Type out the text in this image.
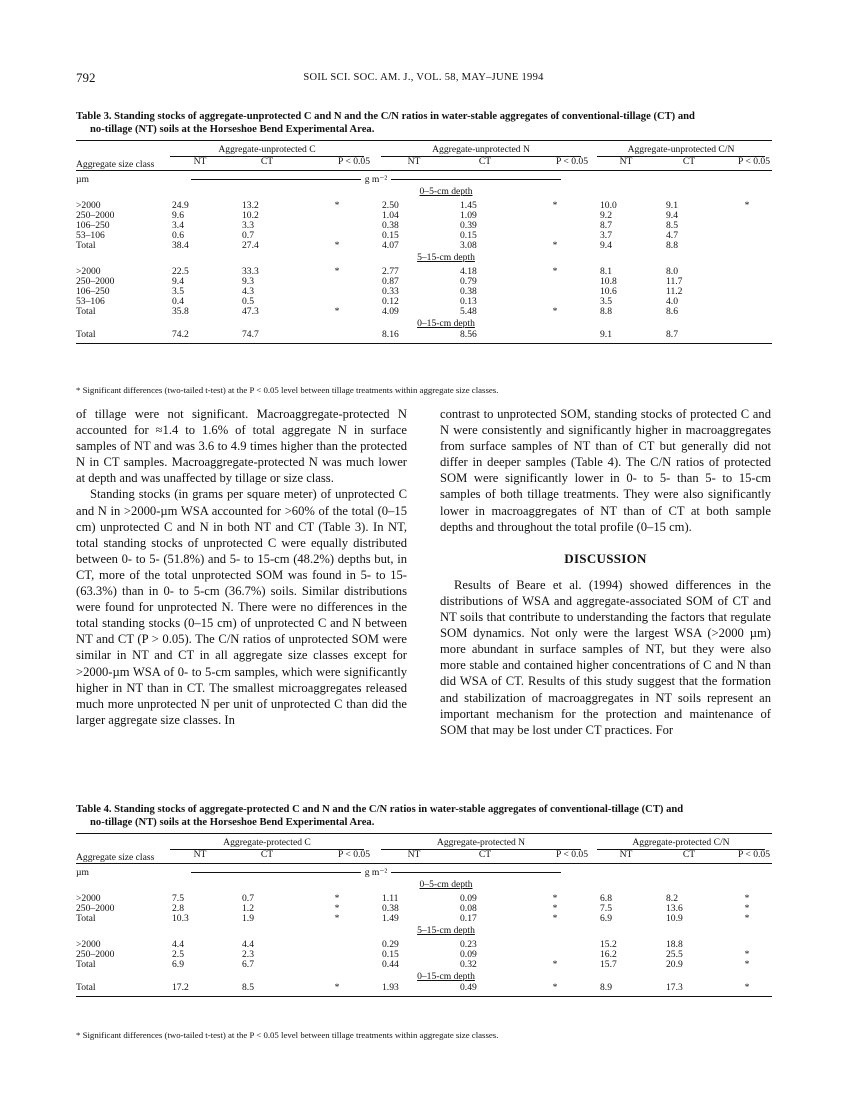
792	SOIL SCI. SOC. AM. J., VOL. 58, MAY–JUNE 1994
Table 3. Standing stocks of aggregate-unprotected C and N and the C/N ratios in water-stable aggregates of conventional-tillage (CT) and
no-tillage (NT) soils at the Horseshoe Bend Experimental Area.
Aggregate size class	Aggregate-unprotected C			Aggregate-unprotected N			Aggregate-unprotected C/N		
	NT	CT	P < 0.05	NT	CT	P < 0.05	NT	CT	P < 0.05
µm	g m⁻²								
				0–5-cm depth					
>2000	24.9	13.2	*	2.50	1.45	*	10.0	9.1	*
250–2000	9.6	10.2		1.04	1.09		9.2	9.4	
106–250	3.4	3.3		0.38	0.39		8.7	8.5	
53–106	0.6	0.7		0.15	0.15		3.7	4.7	
Total	38.4	27.4	*	4.07	3.08	*	9.4	8.8	
				5–15-cm depth					
>2000	22.5	33.3	*	2.77	4.18	*	8.1	8.0	
250–2000	9.4	9.3		0.87	0.79		10.8	11.7	
106–250	3.5	4.3		0.33	0.38		10.6	11.2	
53–106	0.4	0.5		0.12	0.13		3.5	4.0	
Total	35.8	47.3	*	4.09	5.48	*	8.8	8.6	
				0–15-cm depth					
Total	74.2	74.7		8.16	8.56		9.1	8.7	
* Significant differences (two-tailed t-test) at the P < 0.05 level between tillage treatments within aggregate size classes.

of tillage were not significant. Macroaggregate-protected N accounted for ≈1.4 to 1.6% of total aggregate N in surface samples of NT and was 3.6 to 4.9 times higher than the protected N in CT samples. Macroaggregate-protected N was much lower at depth and was unaffected by tillage or size class.

Standing stocks (in grams per square meter) of unprotected C and N in >2000-µm WSA accounted for >60% of the total (0–15 cm) unprotected C and N in both NT and CT (Table 3). In NT, total standing stocks of unprotected C were equally distributed between 0- to 5- (51.8%) and 5- to 15-cm (48.2%) depths but, in CT, more of the total unprotected SOM was found in 5- to 15- (63.3%) than in 0- to 5-cm (36.7%) soils. Similar distributions were found for unprotected N. There were no differences in the total standing stocks (0–15 cm) of unprotected C and N between NT and CT (P > 0.05). The C/N ratios of unprotected SOM were similar in NT and CT in all aggregate size classes except for >2000-µm WSA of 0- to 5-cm samples, which were significantly higher in NT than in CT. The smallest microaggregates released much more unprotected N per unit of unprotected C than did the larger aggregate size classes. In

contrast to unprotected SOM, standing stocks of protected C and N were consistently and significantly higher in macroaggregates from surface samples of NT than of CT but generally did not differ in deeper samples (Table 4). The C/N ratios of protected SOM were significantly lower in 0- to 5- than 5- to 15-cm samples of both tillage treatments. They were also significantly lower in macroaggregates of NT than of CT at both sample depths and throughout the total profile (0–15 cm).

DISCUSSION

Results of Beare et al. (1994) showed differences in the distributions of WSA and aggregate-associated SOM of CT and NT soils that contribute to understanding the factors that regulate SOM dynamics. Not only were the largest WSA (>2000 µm) more abundant in surface samples of NT, but they were also more stable and contained higher concentrations of C and N than did WSA of CT. Results of this study suggest that the formation and stabilization of macroaggregates in NT soils represent an important mechanism for the protection and maintenance of SOM that may be lost under CT practices. For

Table 4. Standing stocks of aggregate-protected C and N and the C/N ratios in water-stable aggregates of conventional-tillage (CT) and
no-tillage (NT) soils at the Horseshoe Bend Experimental Area.
Aggregate size class	Aggregate-protected C			Aggregate-protected N			Aggregate-protected C/N		
	NT	CT	P < 0.05	NT	CT	P < 0.05	NT	CT	P < 0.05
µm	g m⁻²								
				0–5-cm depth					
>2000	7.5	0.7	*	1.11	0.09	*	6.8	8.2	*
250–2000	2.8	1.2	*	0.38	0.08	*	7.5	13.6	*
Total	10.3	1.9	*	1.49	0.17	*	6.9	10.9	*
				5–15-cm depth					
>2000	4.4	4.4		0.29	0.23		15.2	18.8	
250–2000	2.5	2.3		0.15	0.09		16.2	25.5	*
Total	6.9	6.7		0.44	0.32	*	15.7	20.9	*
				0–15-cm depth					
Total	17.2	8.5	*	1.93	0.49	*	8.9	17.3	*
* Significant differences (two-tailed t-test) at the P < 0.05 level between tillage treatments within aggregate size classes.
